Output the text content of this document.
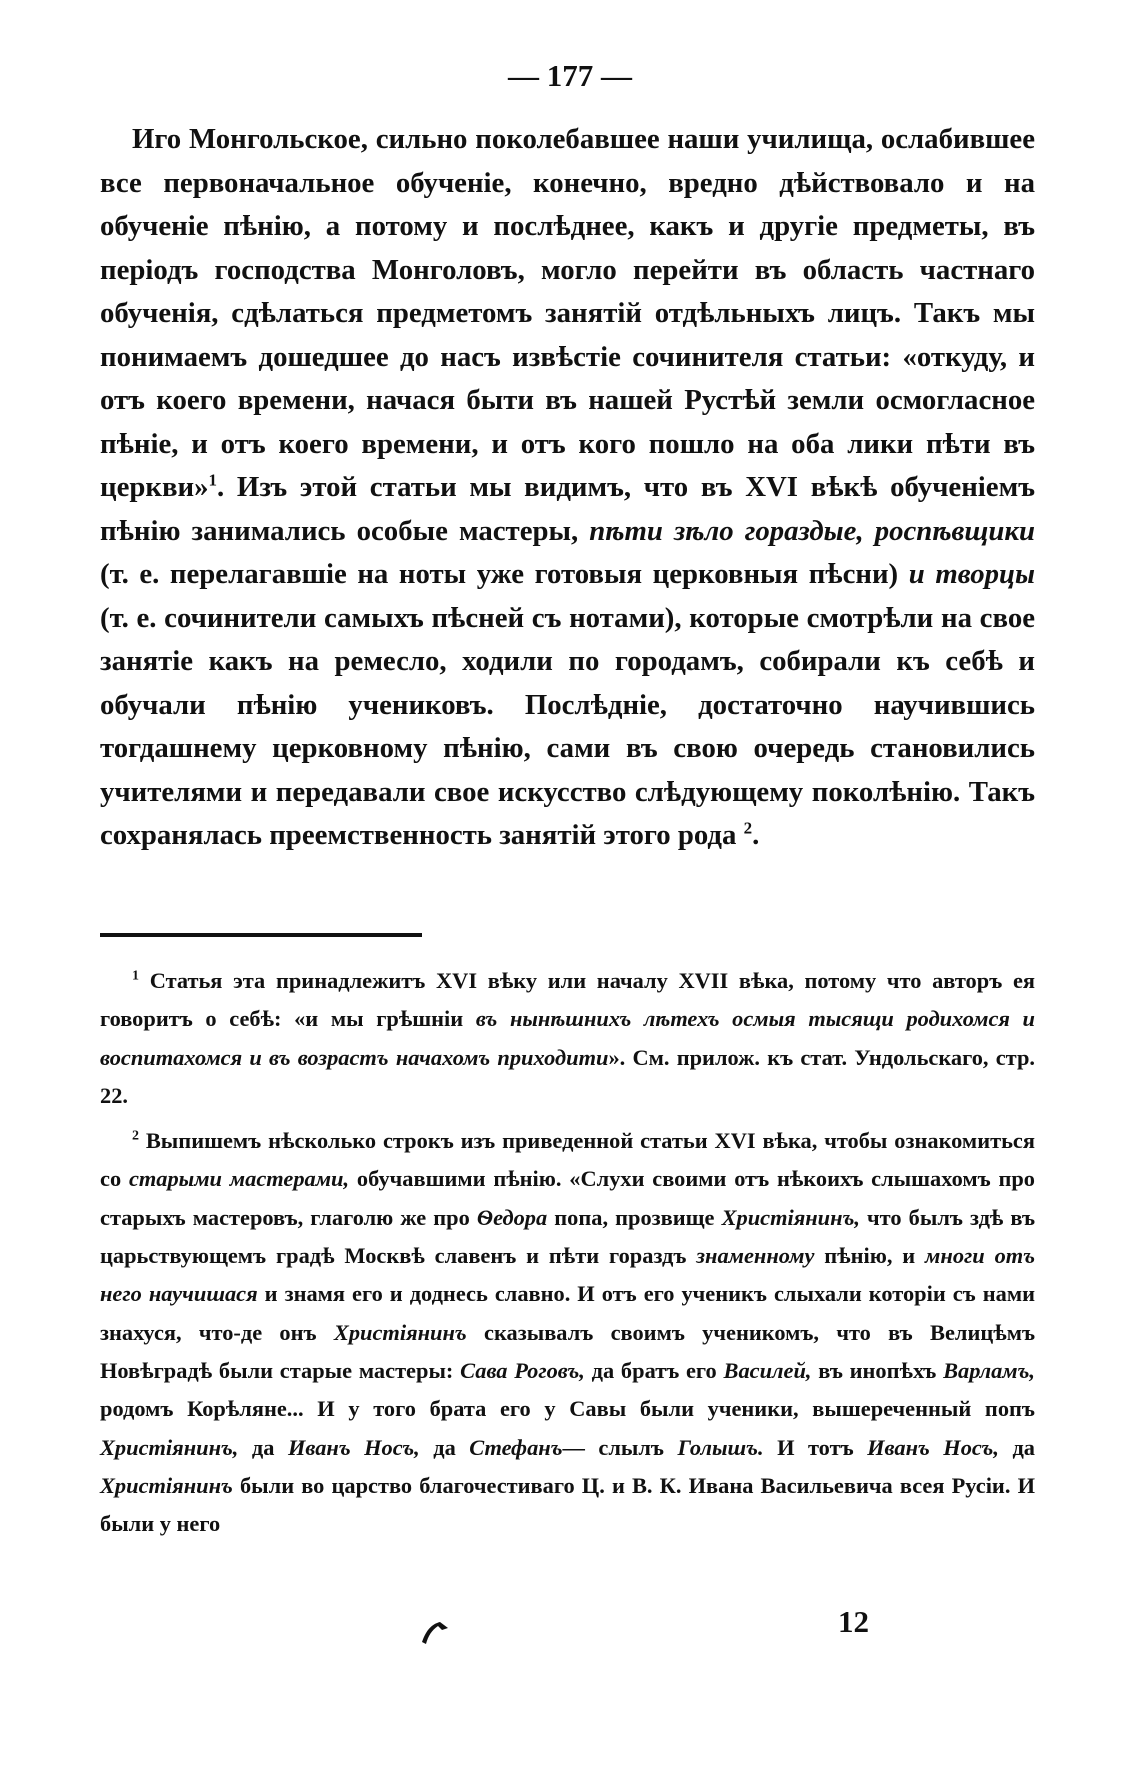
— 177 —

Иго Монгольское, сильно поколебавшее наши училища, ослабившее все первоначальное обученіе, конечно, вредно дѣйствовало и на обученіе пѣнію, а потому и послѣднее, какъ и другіе предметы, въ періодъ господства Монголовъ, могло перейти въ область частнаго обученія, сдѣлаться предметомъ занятій отдѣльныхъ лицъ. Такъ мы понимаемъ дошедшее до насъ извѣстіе сочинителя статьи: «откуду, и отъ коего времени, начася быти въ нашей Рустѣй земли осмогласное пѣніе, и отъ коего времени, и отъ кого пошло на оба лики пѣти въ церкви»$^1$. Изъ этой статьи мы видимъ, что въ XVI вѣкѣ обученіемъ пѣнію занимались особые мастеры, пѣти зѣло гораздые, роспѣвщики (т. е. перелагавшіе на ноты уже готовыя церковныя пѣсни) и творцы (т. е. сочинители самыхъ пѣсней съ нотами), которые смотрѣли на свое занятіе какъ на ремесло, ходили по городамъ, собирали къ себѣ и обучали пѣнію учениковъ. Послѣдніе, достаточно научившись тогдашнему церковному пѣнію, сами въ свою очередь становились учителями и передавали свое искусство слѣдующему поколѣнію. Такъ сохранялась преемственность занятій этого рода $^2$.

$^1$ Статья эта принадлежитъ XVI вѣку или началу XVII вѣка, потому что авторъ ея говоритъ о себѣ: «и мы грѣшніи въ нынѣшнихъ лѣтехъ осмыя тысящи родихомся и воспитахомся и въ возрастъ начахомъ приходити». См. прилож. къ стат. Ундольскаго, стр. 22.

$^2$ Выпишемъ нѣсколько строкъ изъ приведенной статьи XVI вѣка, чтобы ознакомиться со старыми мастерами, обучавшими пѣнію. «Слухи своими отъ нѣкоихъ слышахомъ про старыхъ мастеровъ, глаголю же про Ѳедора попа, прозвище Христіянинъ, что былъ здѣ въ царьствующемъ градѣ Москвѣ славенъ и пѣти гораздъ знаменному пѣнію, и многи отъ него научишася и знамя его и доднесь славно. И отъ его ученикъ слыхали которіи съ нами знахуся, что-де онъ Христіянинъ сказывалъ своимъ ученикомъ, что въ Велицѣмъ Новѣградѣ были старые мастеры: Сава Роговъ, да братъ его Василей, въ инопѣхъ Варламъ, родомъ Корѣляне... И у того брата его у Савы были ученики, вышереченный попъ Христіянинъ, да Иванъ Носъ, да Стефанъ— слылъ Голышъ. И тотъ Иванъ Носъ, да Христіянинъ были во царство благочестиваго Ц. и В. К. Ивана Васильевича всея Русіи. И были у него

12
